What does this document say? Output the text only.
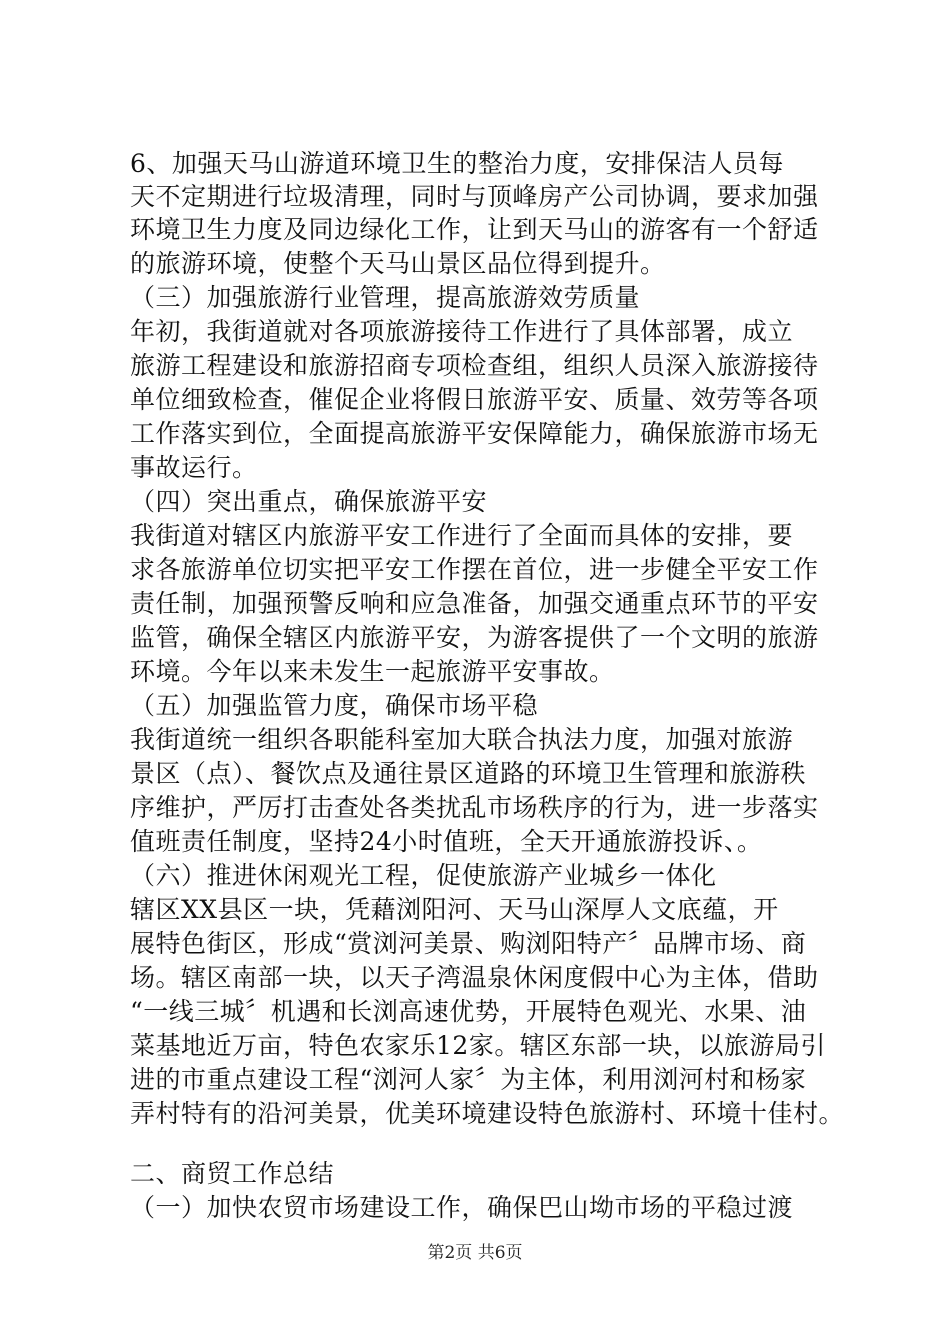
6、加强天马山游道环境卫生的整治力度，安排保洁人员每
天不定期进行垃圾清理，同时与顶峰房产公司协调，要求加强
环境卫生力度及同边绿化工作，让到天马山的游客有一个舒适
的旅游环境，使整个天马山景区品位得到提升。
（三）加强旅游行业管理，提高旅游效劳质量
年初，我街道就对各项旅游接待工作进行了具体部署，成立
旅游工程建设和旅游招商专项检查组，组织人员深入旅游接待
单位细致检查，催促企业将假日旅游平安、质量、效劳等各项
工作落实到位，全面提高旅游平安保障能力，确保旅游市场无
事故运行。
（四）突出重点，确保旅游平安
我街道对辖区内旅游平安工作进行了全面而具体的安排，要
求各旅游单位切实把平安工作摆在首位，进一步健全平安工作
责任制，加强预警反响和应急准备，加强交通重点环节的平安
监管，确保全辖区内旅游平安，为游客提供了一个文明的旅游
环境。今年以来未发生一起旅游平安事故。
（五）加强监管力度，确保市场平稳
我街道统一组织各职能科室加大联合执法力度，加强对旅游
景区（点）、餐饮点及通往景区道路的环境卫生管理和旅游秩
序维护，严厉打击查处各类扰乱市场秩序的行为，进一步落实
值班责任制度，坚持24小时值班，全天开通旅游投诉、。
（六）推进休闲观光工程，促使旅游产业城乡一体化
辖区XX县区一块，凭藉浏阳河、天马山深厚人文底蕴，开
展特色街区，形成“赏浏河美景、购浏阳特产〞品牌市场、商
场。辖区南部一块，以天子湾温泉休闲度假中心为主体，借助
“一线三城〞机遇和长浏高速优势，开展特色观光、水果、油
菜基地近万亩，特色农家乐12家。辖区东部一块，以旅游局引
进的市重点建设工程“浏河人家〞为主体，利用浏河村和杨家
弄村特有的沿河美景，优美环境建设特色旅游村、环境十佳村。
第2页 共6页
二、商贸工作总结
（一）加快农贸市场建设工作，确保巴山坳市场的平稳过渡
